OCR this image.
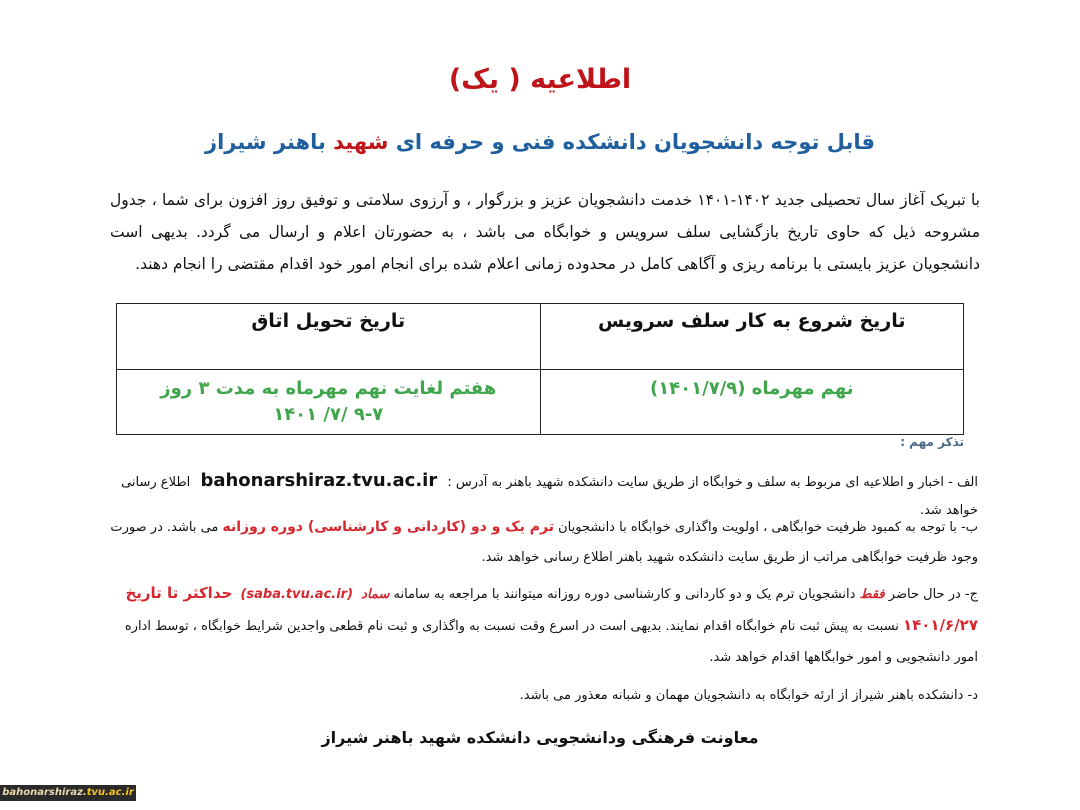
اطلاعیه ( یک)
قابل توجه دانشجویان دانشکده فنی و حرفه ای شهید باهنر شیراز
با تبریک آغاز سال تحصیلی جدید ۱۴۰۲-۱۴۰۱ خدمت دانشجویان عزیز و بزرگوار ، و آرزوی سلامتی و توفیق روز افزون برای شما ، جدول مشروحه ذیل که حاوی تاریخ بازگشایی سلف سرویس و خوابگاه می باشد ، به حضورتان اعلام و ارسال می گردد. بدیهی است دانشجویان عزیز بایستی با برنامه ریزی و آگاهی کامل در محدوده زمانی اعلام شده برای انجام امور خود اقدام مقتضی را انجام دهند.
تاریخ شروع به کار سلف سرویس	تاریخ تحویل اتاق

نهم مهرماه (۱۴۰۱/۷/۹)	هفتم لغایت نهم مهرماه به مدت ۳ روز
۹-۷ /۷/ ۱۴۰۱
تذکر مهم :
الف - اخبار و اطلاعیه ای مربوط به سلف و خوابگاه از طریق سایت دانشکده شهید باهنر به آدرس : bahonarshiraz.tvu.ac.ir اطلاع رسانی خواهد شد.
ب- با توجه به کمبود ظرفیت خوابگاهی ، اولویت واگذاری خوابگاه با دانشجویان ترم یک و دو (کاردانی و کارشناسی) دوره روزانه می باشد. در صورت وجود ظرفیت خوابگاهی مراتب از طریق سایت دانشکده شهید باهنر اطلاع رسانی خواهد شد.
ج- در حال حاضر فقط دانشجویان ترم یک و دو کاردانی و کارشناسی دوره روزانه میتوانند با مراجعه به سامانه سماد (saba.tvu.ac.ir) حداکثر تا تاریخ ۱۴۰۱/۶/۲۷ نسبت به پیش ثبت نام خوابگاه اقدام نمایند. بدیهی است در اسرع وقت نسبت به واگذاری و ثبت نام قطعی واجدین شرایط خوابگاه ، توسط اداره امور دانشجویی و امور خوابگاهها اقدام خواهد شد.
د- دانشکده باهنر شیراز از ارئه خوابگاه به دانشجویان مهمان و شبانه معذور می باشد.
معاونت فرهنگی ودانشجویی دانشکده شهید باهنر شیراز
bahonarshiraz.tvu.ac.ir
